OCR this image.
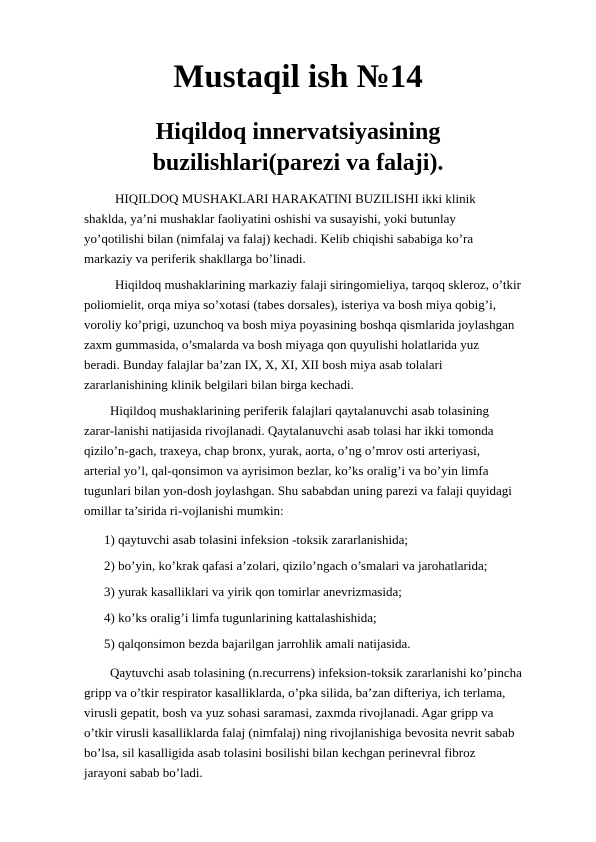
Mustaqil ish №14
Hiqildoq innervatsiyasining
buzilishlari(parezi va falaji).
HIQILDOQ MUSHAKLARI HARAKATINI BUZILISHI ikki klinik
shaklda, ya’ni mushaklar faoliyatini oshishi va susayishi, yoki butunlay
yo’qotilishi bilan (nimfalaj va falaj) kechadi. Kelib chiqishi sababiga ko’ra
markaziy va periferik shakllarga bo’linadi.
Hiqildoq mushaklarining markaziy falaji siringomieliya, tarqoq skleroz, o’tkir
poliomielit, orqa miya so’xotasi (tabes dorsales), isteriya va bosh miya qobig’i,
voroliy ko’prigi, uzunchoq va bosh miya poyasining boshqa qismlarida joylashgan
zaxm gummasida, o’smalarda va bosh miyaga qon quyulishi holatlarida yuz
beradi. Bunday falajlar ba’zan IX, X, XI, XII bosh miya asab tolalari
zararlanishining klinik belgilari bilan birga kechadi.
Hiqildoq mushaklarining periferik falajlari qaytalanuvchi asab tolasining
zarar-lanishi natijasida rivojlanadi. Qaytalanuvchi asab tolasi har ikki tomonda
qizilo’n-gach, traxeya, chap bronx, yurak, aorta, o’ng o’mrov osti arteriyasi,
arterial yo’l, qal-qonsimon va ayrisimon bezlar, ko’ks oralig’i va bo’yin limfa
tugunlari bilan yon-dosh joylashgan. Shu sababdan uning parezi va falaji quyidagi
omillar ta’sirida ri-vojlanishi mumkin:
1) qaytuvchi asab tolasini infeksion -toksik zararlanishida;
2) bo’yin, ko’krak qafasi a’zolari, qizilo’ngach o’smalari va jarohatlarida;
3) yurak kasalliklari va yirik qon tomirlar anevrizmasida;
4) ko’ks oralig’i limfa tugunlarining kattalashishida;
5) qalqonsimon bezda bajarilgan jarrohlik amali natijasida.
Qaytuvchi asab tolasining (n.recurrens) infeksion-toksik zararlanishi ko’pincha
gripp va o’tkir respirator kasalliklarda, o’pka silida, ba’zan difteriya, ich terlama,
virusli gepatit, bosh va yuz sohasi saramasi, zaxmda rivojlanadi. Agar gripp va
o’tkir virusli kasalliklarda falaj (nimfalaj) ning rivojlanishiga bevosita nevrit sabab
bo’lsa, sil kasalligida asab tolasini bosilishi bilan kechgan perinevral fibroz
jarayoni sabab bo’ladi.
